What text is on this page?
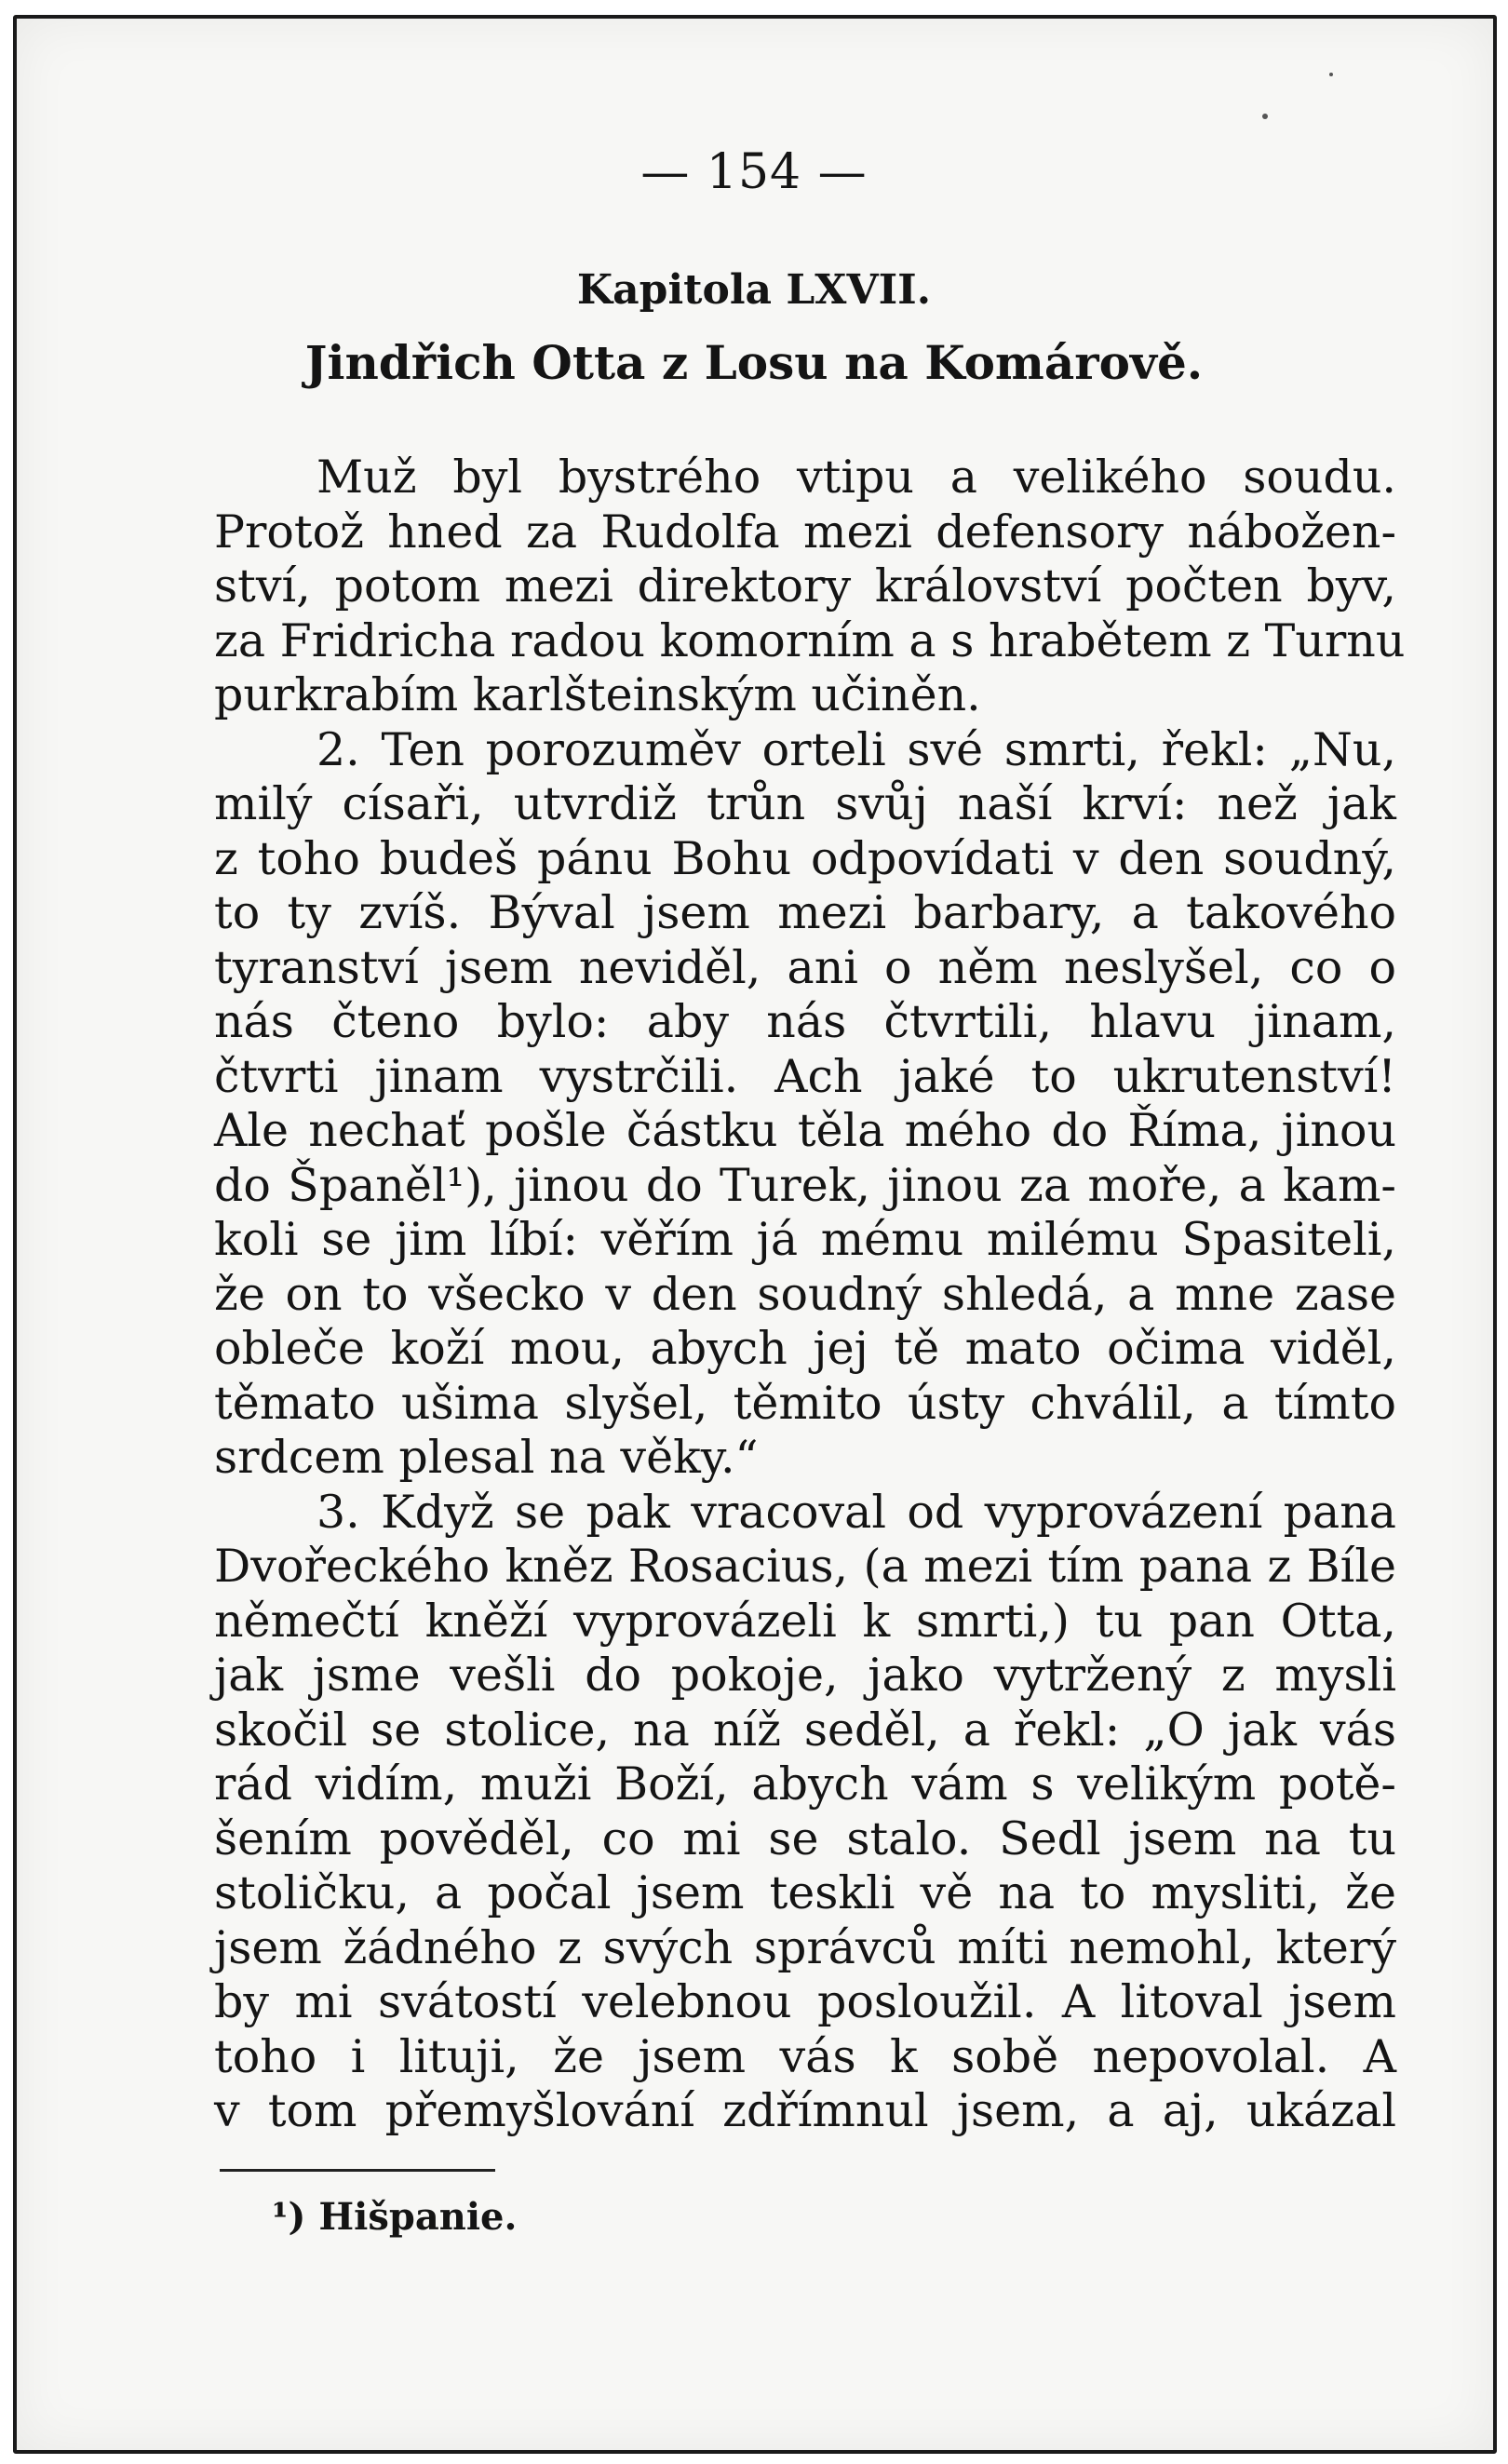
— 154 —
Kapitola LXVII.
Jindřich Otta z Losu na Komárově.
Muž byl bystrého vtipu a velikého soudu.
Protož hned za Rudolfa mezi defensory nábožen-
ství, potom mezi direktory království počten byv,
za Fridricha radou komorním a s hrabětem z Turnu
purkrabím karlšteinským učiněn.
2. Ten porozuměv orteli své smrti, řekl: „Nu,
milý císaři, utvrdiž trůn svůj naší krví: než jak
z toho budeš pánu Bohu odpovídati v den soudný,
to ty zvíš. Býval jsem mezi barbary, a takového
tyranství jsem neviděl, ani o něm neslyšel, co o
nás čteno bylo: aby nás čtvrtili, hlavu jinam,
čtvrti jinam vystrčili. Ach jaké to ukrutenství!
Ale nechať pošle částku těla mého do Říma, jinou
do Španěl¹), jinou do Turek, jinou za moře, a kam-
koli se jim líbí: věřím já mému milému Spasiteli,
že on to všecko v den soudný shledá, a mne zase
obleče koží mou, abych jej tě mato očima viděl,
těmato ušima slyšel, těmito ústy chválil, a tímto
srdcem plesal na věky.“
3. Když se pak vracoval od vyprovázení pana
Dvořeckého kněz Rosacius, (a mezi tím pana z Bíle
němečtí kněží vyprovázeli k smrti,) tu pan Otta,
jak jsme vešli do pokoje, jako vytržený z mysli
skočil se stolice, na níž seděl, a řekl: „O jak vás
rád vidím, muži Boží, abych vám s velikým potě-
šením pověděl, co mi se stalo. Sedl jsem na tu
stoličku, a počal jsem teskli vě na to mysliti, že
jsem žádného z svých správců míti nemohl, který
by mi svátostí velebnou posloužil. A litoval jsem
toho i lituji, že jsem vás k sobě nepovolal. A
v tom přemyšlování zdřímnul jsem, a aj, ukázal
¹) Hišpanie.
